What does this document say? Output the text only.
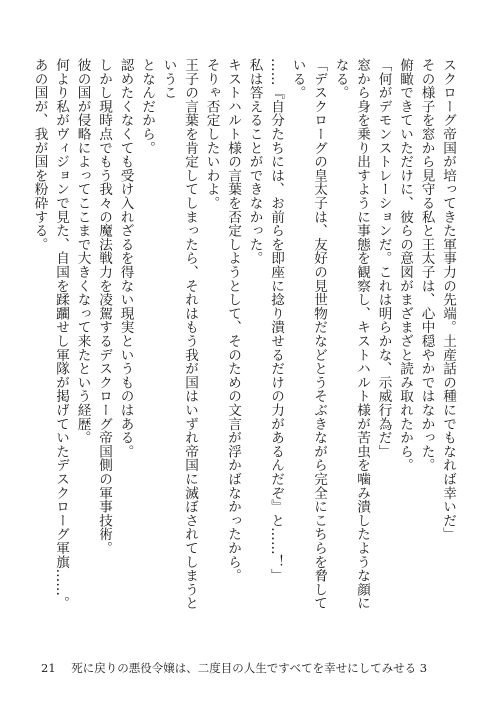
スクローグ帝国が培ってきた軍事力の先端。土産話の種にでもなれば幸いだ」

その様子を窓から見守る私と王太子は、心中穏やかではなかった。

俯瞰できていただけに、彼らの意図がまざまざと読み取れたから。

「何がデモンストレーションだ。これは明らかな、示威行為だ」

窓から身を乗り出すように事態を観察し、キストハルト様が苦虫を噛み潰したような顔になる。

「デスクローグの皇太子は、友好の見世物だなどとうそぶきながら完全にこちらを脅している。

……『自分たちには、お前らを即座に捻り潰せるだけの力があるんだぞ』と……！」

私は答えることができなかった。

キストハルト様の言葉を否定しようとして、そのための文言が浮かばなかったから。

そりゃ否定したいわよ。

王子の言葉を肯定してしまったら、それはもう我が国はいずれ帝国に滅ぼされてしまうというこ

となんだから。

認めたくなくても受け入れざるを得ない現実というものはある。

しかし現時点でもう我々の魔法戦力を凌駕するデスクローグ帝国側の軍事技術。

彼の国が侵略によってここまで大きくなって来たという経歴。

何より私がヴィジョンで見た、自国を蹂躙せし軍隊が掲げていたデスクローグ軍旗……。

あの国が、我が国を粉砕する。

21 死に戻りの悪役令嬢は、二度目の人生ですべてを幸せにしてみせる 3
